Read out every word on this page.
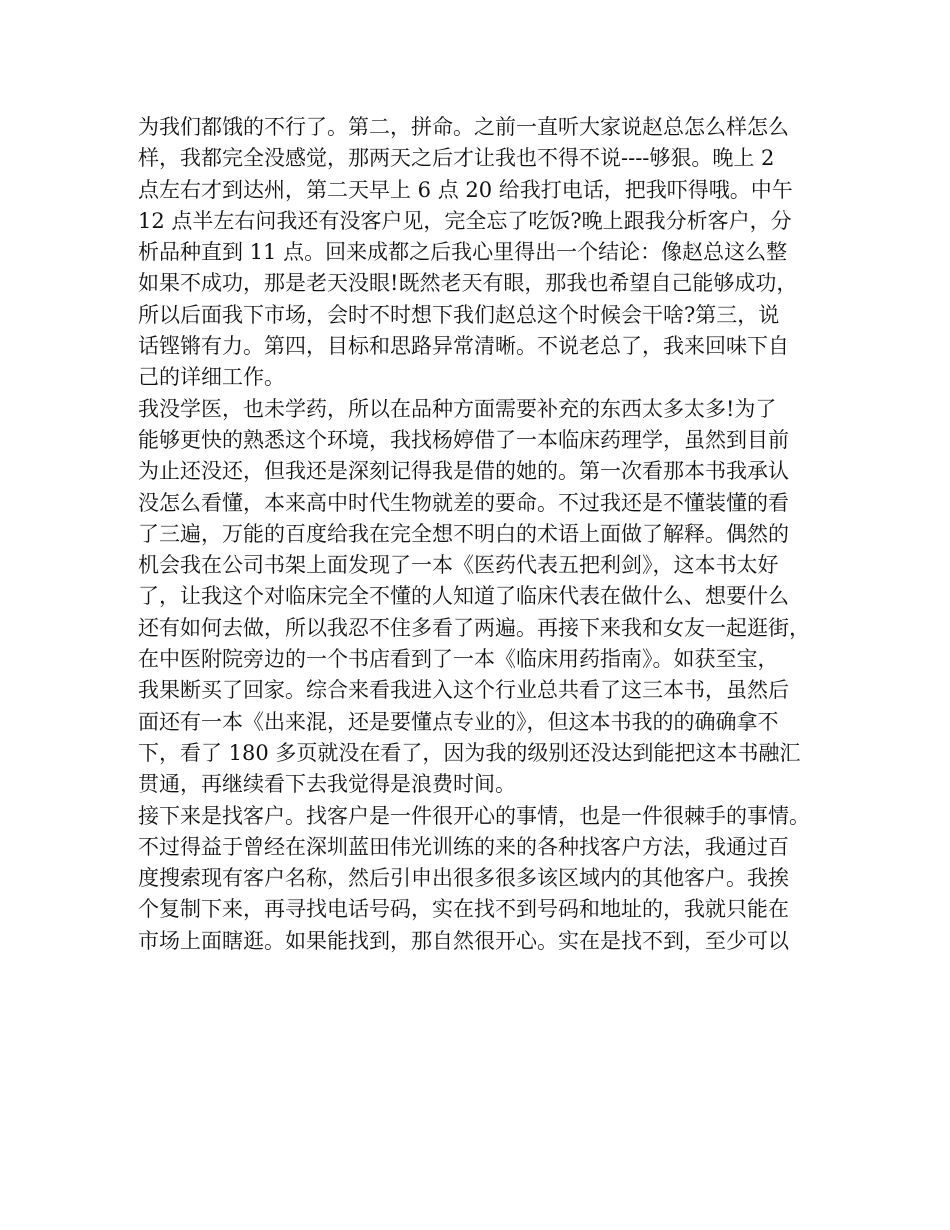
为我们都饿的不行了。第二，拼命。之前一直听大家说赵总怎么样怎么
样，我都完全没感觉，那两天之后才让我也不得不说----够狠。晚上 2
点左右才到达州，第二天早上 6 点 20 给我打电话，把我吓得哦。中午
12 点半左右问我还有没客户见，完全忘了吃饭?晚上跟我分析客户，分
析品种直到 11 点。回来成都之后我心里得出一个结论：像赵总这么整
如果不成功，那是老天没眼!既然老天有眼，那我也希望自己能够成功，
所以后面我下市场，会时不时想下我们赵总这个时候会干啥?第三，说
话铿锵有力。第四，目标和思路异常清晰。不说老总了，我来回味下自
己的详细工作。
我没学医，也未学药，所以在品种方面需要补充的东西太多太多!为了
能够更快的熟悉这个环境，我找杨婷借了一本临床药理学，虽然到目前
为止还没还，但我还是深刻记得我是借的她的。第一次看那本书我承认
没怎么看懂，本来高中时代生物就差的要命。不过我还是不懂装懂的看
了三遍，万能的百度给我在完全想不明白的术语上面做了解释。偶然的
机会我在公司书架上面发现了一本《医药代表五把利剑》，这本书太好
了，让我这个对临床完全不懂的人知道了临床代表在做什么、想要什么
还有如何去做，所以我忍不住多看了两遍。再接下来我和女友一起逛街，
在中医附院旁边的一个书店看到了一本《临床用药指南》。如获至宝，
我果断买了回家。综合来看我进入这个行业总共看了这三本书，虽然后
面还有一本《出来混，还是要懂点专业的》，但这本书我的的确确拿不
下，看了 180 多页就没在看了，因为我的级别还没达到能把这本书融汇
贯通，再继续看下去我觉得是浪费时间。
接下来是找客户。找客户是一件很开心的事情，也是一件很棘手的事情。
不过得益于曾经在深圳蓝田伟光训练的来的各种找客户方法，我通过百
度搜索现有客户名称，然后引申出很多很多该区域内的其他客户。我挨
个复制下来，再寻找电话号码，实在找不到号码和地址的，我就只能在
市场上面瞎逛。如果能找到，那自然很开心。实在是找不到，至少可以
